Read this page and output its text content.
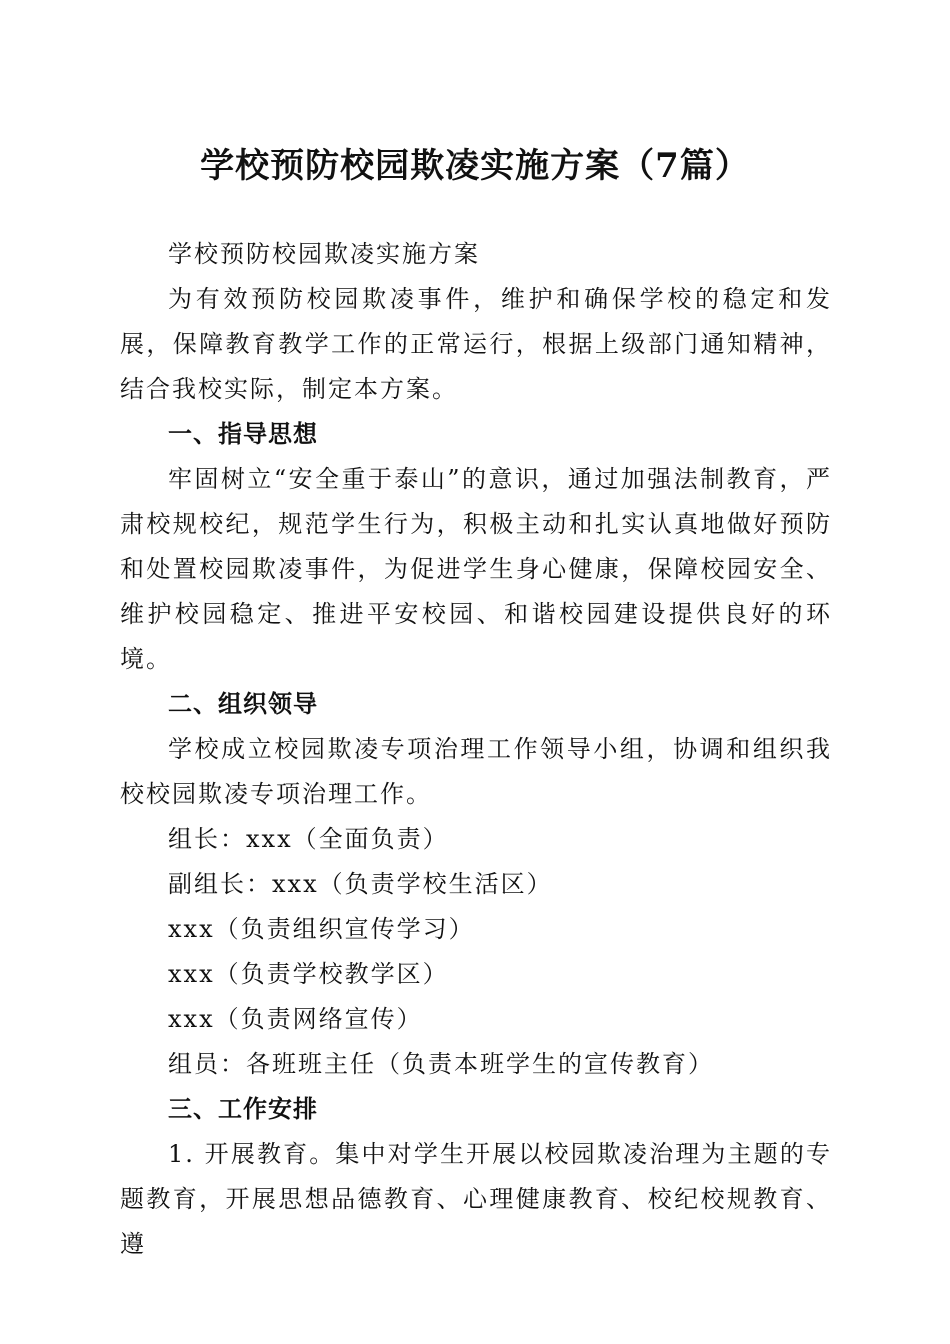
学校预防校园欺凌实施方案（7篇）

学校预防校园欺凌实施方案

为有效预防校园欺凌事件，维护和确保学校的稳定和发展，保障教育教学工作的正常运行，根据上级部门通知精神，结合我校实际，制定本方案。

一、指导思想

牢固树立“安全重于泰山”的意识，通过加强法制教育，严肃校规校纪，规范学生行为，积极主动和扎实认真地做好预防和处置校园欺凌事件，为促进学生身心健康，保障校园安全、维护校园稳定、推进平安校园、和谐校园建设提供良好的环境。

二、组织领导

学校成立校园欺凌专项治理工作领导小组，协调和组织我校校园欺凌专项治理工作。

组长：xxx（全面负责）

副组长：xxx（负责学校生活区）

xxx（负责组织宣传学习）

xxx（负责学校教学区）

xxx（负责网络宣传）

组员：各班班主任（负责本班学生的宣传教育）

三、工作安排

1. 开展教育。集中对学生开展以校园欺凌治理为主题的专题教育，开展思想品德教育、心理健康教育、校纪校规教育、遵
